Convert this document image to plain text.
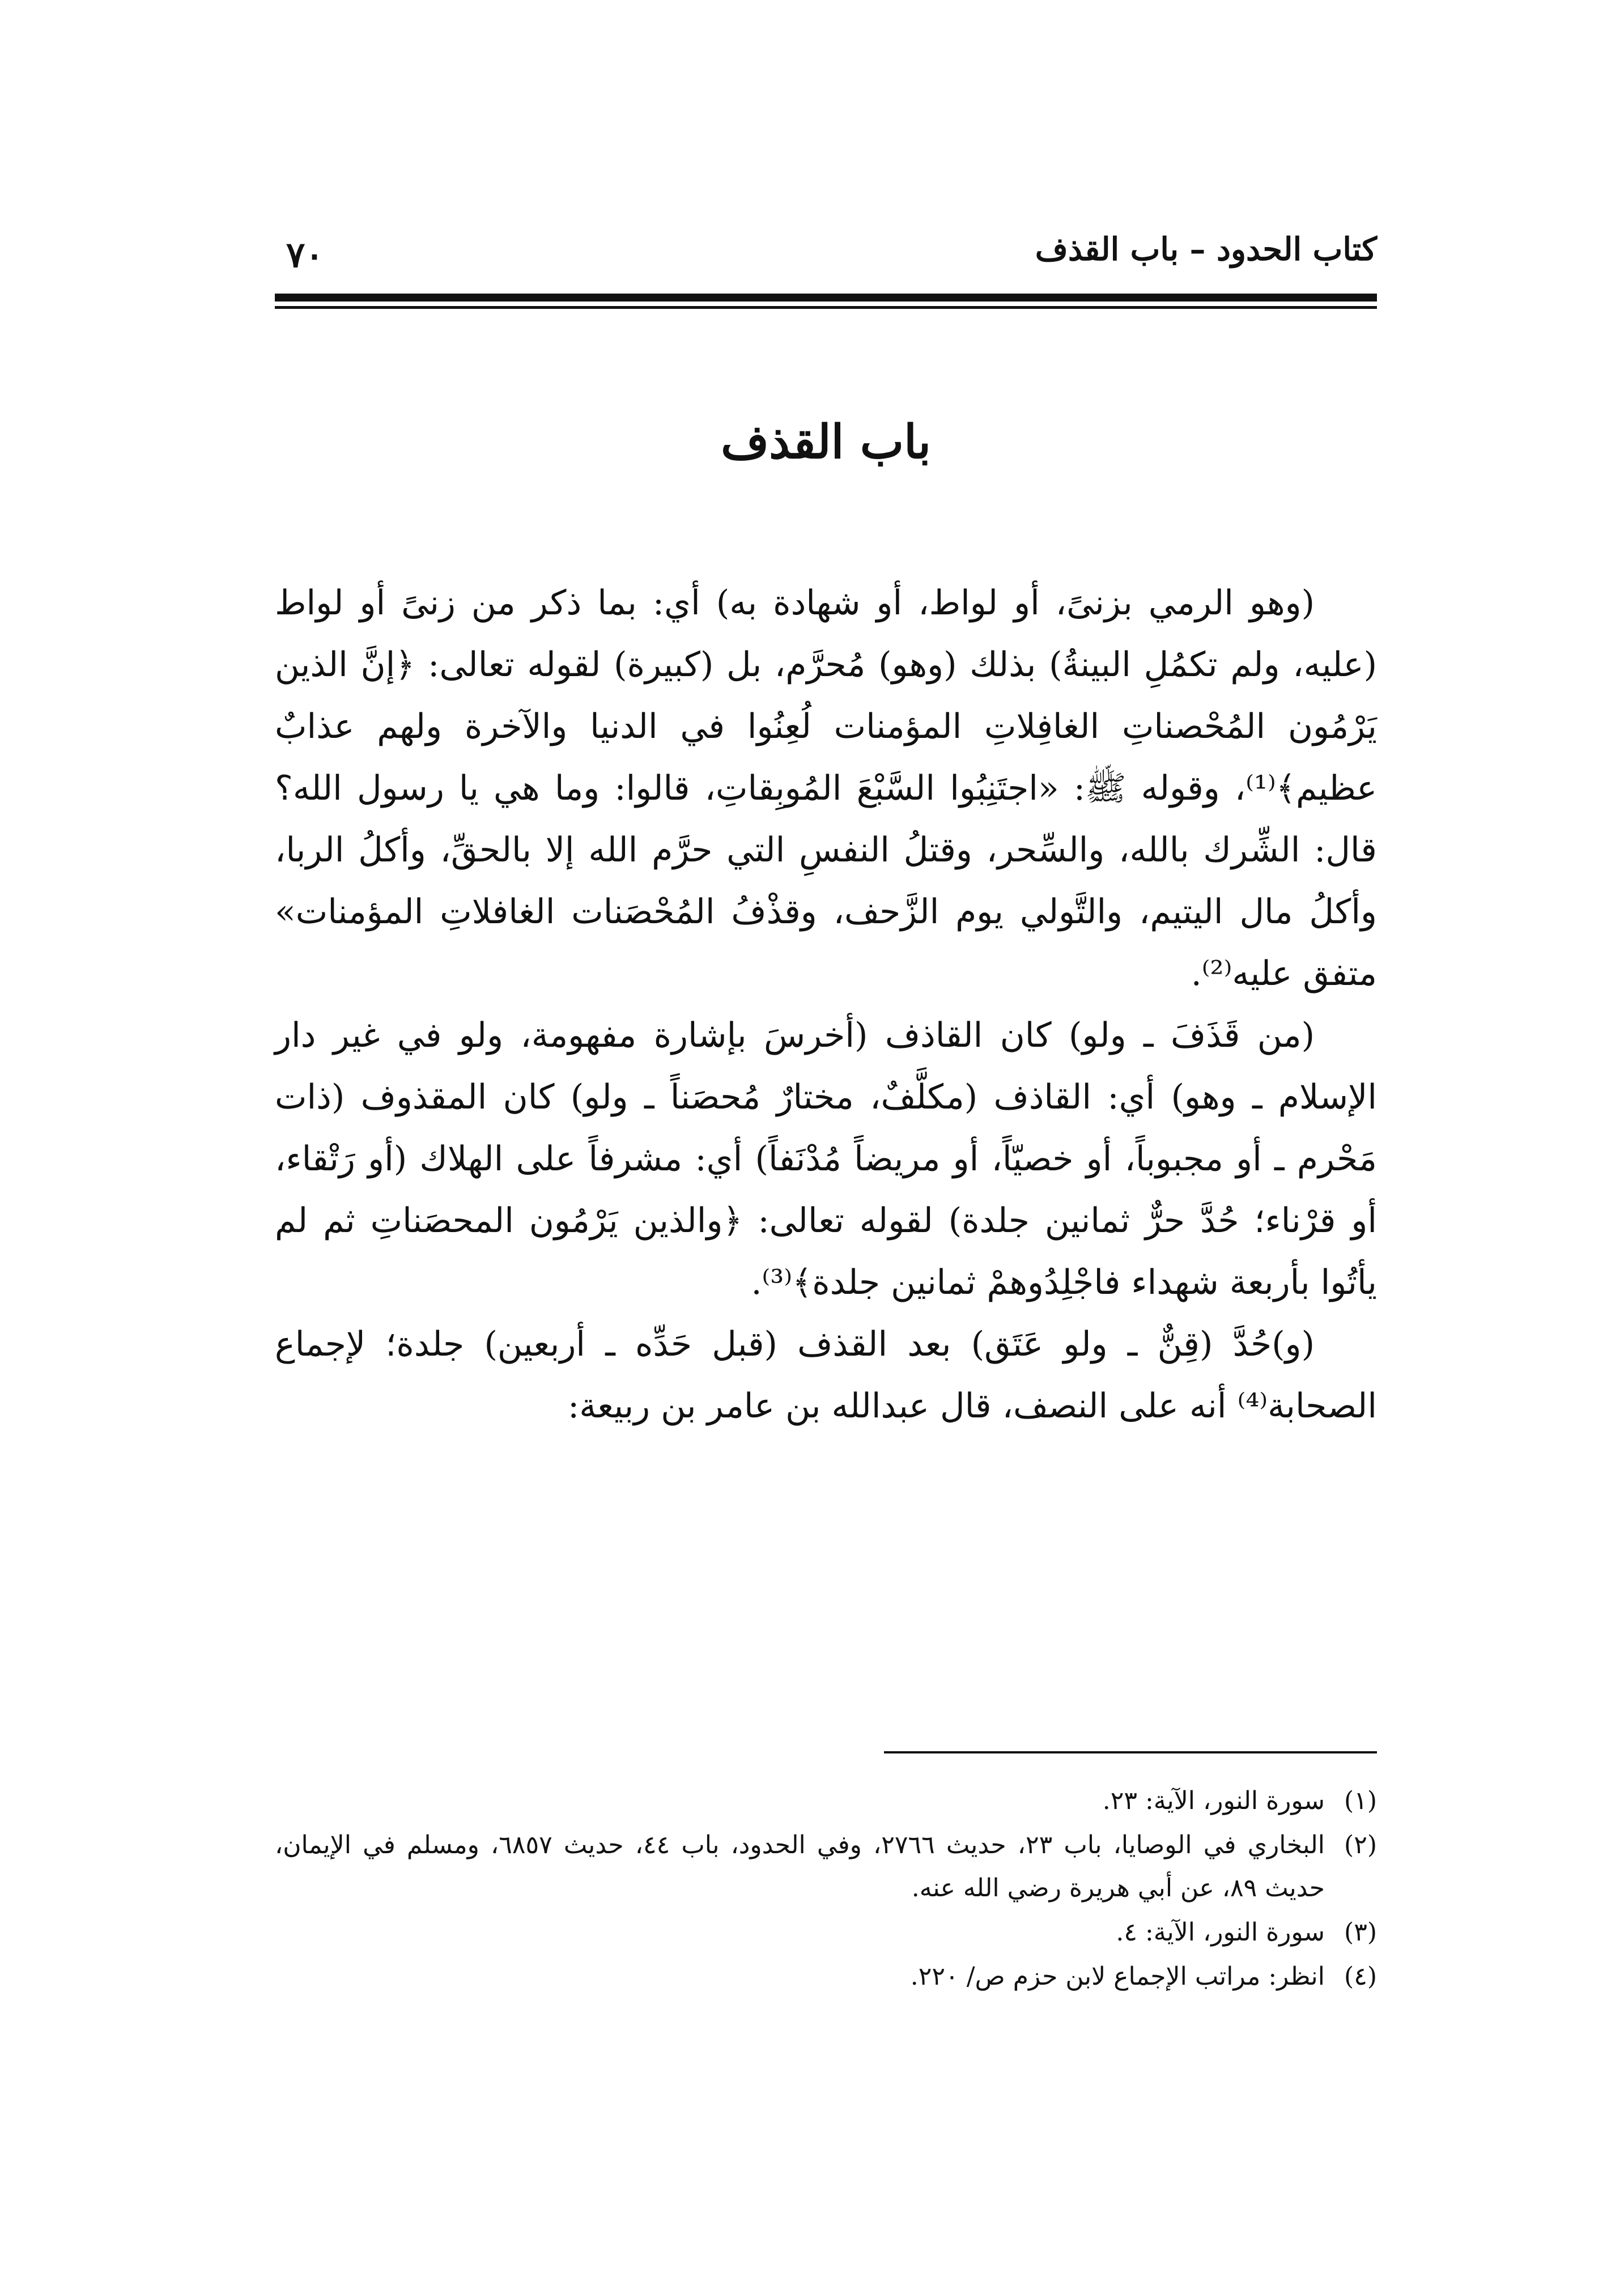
كتاب الحدود – باب القذف
٧٠
باب القذف

(وهو الرمي بزنىً، أو لواط، أو شهادة به) أي: بما ذكر من زنىً أو لواط (عليه، ولم تكمُلِ البينةُ) بذلك (وهو) مُحرَّم، بل (كبيرة) لقوله تعالى: ﴿إنَّ الذين يَرْمُون المُحْصناتِ الغافِلاتِ المؤمنات لُعِنُوا في الدنيا والآخرة ولهم عذابٌ عظيم﴾⁽¹⁾، وقوله ﷺ: «اجتَنِبُوا السَّبْعَ المُوبِقاتِ، قالوا: وما هي يا رسول الله؟ قال: الشِّرك بالله، والسِّحر، وقتلُ النفسِ التي حرَّم الله إلا بالحقِّ، وأكلُ الربا، وأكلُ مال اليتيم، والتَّولي يوم الزَّحف، وقذْفُ المُحْصَنات الغافلاتِ المؤمنات» متفق عليه⁽²⁾.

(من قَذَفَ ـ ولو) كان القاذف (أخرسَ بإشارة مفهومة، ولو في غير دار الإسلام ـ وهو) أي: القاذف (مكلَّفٌ، مختارٌ مُحصَناً ـ ولو) كان المقذوف (ذات مَحْرم ـ أو مجبوباً، أو خصيّاً، أو مريضاً مُدْنَفاً) أي: مشرفاً على الهلاك (أو رَتْقاء، أو قرْناء؛ حُدَّ حرٌّ ثمانين جلدة) لقوله تعالى: ﴿والذين يَرْمُون المحصَناتِ ثم لم يأتُوا بأربعة شهداء فاجْلِدُوهمْ ثمانين جلدة﴾⁽³⁾.

(و)حُدَّ (قِنٌّ ـ ولو عَتَق) بعد القذف (قبل حَدِّه ـ أربعين) جلدة؛ لإجماع الصحابة⁽⁴⁾ أنه على النصف، قال عبدالله بن عامر بن ربيعة:

(١)
سورة النور، الآية: ٢٣.
(٢)
البخاري في الوصايا، باب ٢٣، حديث ٢٧٦٦، وفي الحدود، باب ٤٤، حديث ٦٨٥٧، ومسلم في الإيمان، حديث ٨٩، عن أبي هريرة رضي الله عنه.
(٣)
سورة النور، الآية: ٤.
(٤)
انظر: مراتب الإجماع لابن حزم ص/ ٢٢٠.
